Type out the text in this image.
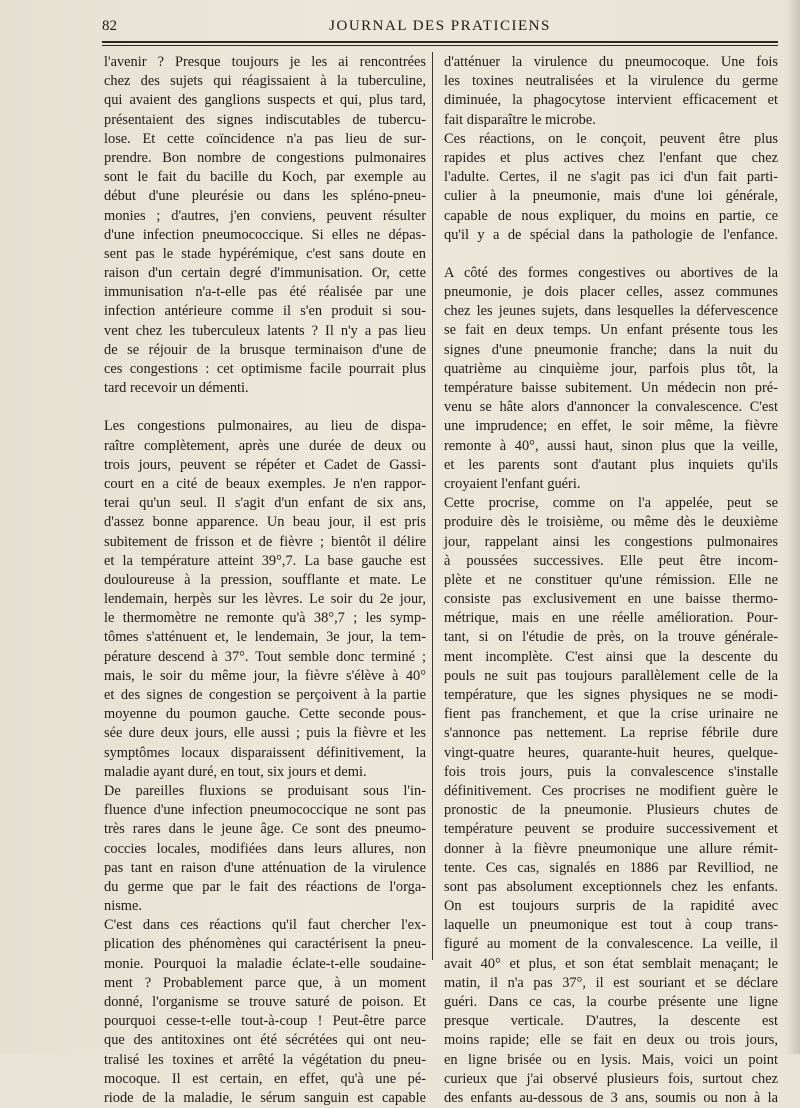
82	JOURNAL DES PRATICIENS
l'avenir ? Presque toujours je les ai rencontrées
chez des sujets qui réagissaient à la tuberculine,
qui avaient des ganglions suspects et qui, plus tard,
présentaient des signes indiscutables de tubercu-
lose. Et cette coïncidence n'a pas lieu de sur-
prendre. Bon nombre de congestions pulmonaires
sont le fait du bacille du Koch, par exemple au
début d'une pleurésie ou dans les spléno-pneu-
monies ; d'autres, j'en conviens, peuvent résulter
d'une infection pneumococcique. Si elles ne dépas-
sent pas le stade hypérémique, c'est sans doute en
raison d'un certain degré d'immunisation. Or, cette
immunisation n'a-t-elle pas été réalisée par une
infection antérieure comme il s'en produit si sou-
vent chez les tuberculeux latents ? Il n'y a pas lieu
de se réjouir de la brusque terminaison d'une de
ces congestions : cet optimisme facile pourrait plus
tard recevoir un démenti.
Les congestions pulmonaires, au lieu de dispa-
raître complètement, après une durée de deux ou
trois jours, peuvent se répéter et Cadet de Gassi-
court en a cité de beaux exemples. Je n'en rappor-
terai qu'un seul. Il s'agit d'un enfant de six ans,
d'assez bonne apparence. Un beau jour, il est pris
subitement de frisson et de fièvre ; bientôt il délire
et la température atteint 39°,7. La base gauche est
douloureuse à la pression, soufflante et mate. Le
lendemain, herpès sur les lèvres. Le soir du 2e jour,
le thermomètre ne remonte qu'à 38°,7 ; les symp-
tômes s'atténuent et, le lendemain, 3e jour, la tem-
pérature descend à 37°. Tout semble donc terminé ;
mais, le soir du même jour, la fièvre s'élève à 40°
et des signes de congestion se perçoivent à la partie
moyenne du poumon gauche. Cette seconde pous-
sée dure deux jours, elle aussi ; puis la fièvre et les
symptômes locaux disparaissent définitivement, la
maladie ayant duré, en tout, six jours et demi.
De pareilles fluxions se produisant sous l'in-
fluence d'une infection pneumococcique ne sont pas
très rares dans le jeune âge. Ce sont des pneumo-
coccies locales, modifiées dans leurs allures, non
pas tant en raison d'une atténuation de la virulence
du germe que par le fait des réactions de l'orga-
nisme.
C'est dans ces réactions qu'il faut chercher l'ex-
plication des phénomènes qui caractérisent la pneu-
monie. Pourquoi la maladie éclate-t-elle soudaine-
ment ? Probablement parce que, à un moment
donné, l'organisme se trouve saturé de poison. Et
pourquoi cesse-t-elle tout-à-coup ! Peut-être parce
que des antitoxines ont été sécrétées qui ont neu-
tralisé les toxines et arrêté la végétation du pneu-
mocoque. Il est certain, en effet, qu'à une pé-
riode de la maladie, le sérum sanguin est capable
d'atténuer la virulence du pneumocoque. Une fois
les toxines neutralisées et la virulence du germe
diminuée, la phagocytose intervient efficacement et
fait disparaître le microbe.
Ces réactions, on le conçoit, peuvent être plus
rapides et plus actives chez l'enfant que chez
l'adulte. Certes, il ne s'agit pas ici d'un fait parti-
culier à la pneumonie, mais d'une loi générale,
capable de nous expliquer, du moins en partie, ce
qu'il y a de spécial dans la pathologie de l'enfance.
A côté des formes congestives ou abortives de la
pneumonie, je dois placer celles, assez communes
chez les jeunes sujets, dans lesquelles la défervescence
se fait en deux temps. Un enfant présente tous les
signes d'une pneumonie franche; dans la nuit du
quatrième au cinquième jour, parfois plus tôt, la
température baisse subitement. Un médecin non pré-
venu se hâte alors d'annoncer la convalescence. C'est
une imprudence; en effet, le soir même, la fièvre
remonte à 40°, aussi haut, sinon plus que la veille,
et les parents sont d'autant plus inquiets qu'ils
croyaient l'enfant guéri.
Cette procrise, comme on l'a appelée, peut se
produire dès le troisième, ou même dès le deuxième
jour, rappelant ainsi les congestions pulmonaires
à poussées successives. Elle peut être incom-
plète et ne constituer qu'une rémission. Elle ne
consiste pas exclusivement en une baisse thermo-
métrique, mais en une réelle amélioration. Pour-
tant, si on l'étudie de près, on la trouve générale-
ment incomplète. C'est ainsi que la descente du
pouls ne suit pas toujours parallèlement celle de la
température, que les signes physiques ne se modi-
fient pas franchement, et que la crise urinaire ne
s'annonce pas nettement. La reprise fébrile dure
vingt-quatre heures, quarante-huit heures, quelque-
fois trois jours, puis la convalescence s'installe
définitivement. Ces procrises ne modifient guère le
pronostic de la pneumonie. Plusieurs chutes de
température peuvent se produire successivement et
donner à la fièvre pneumonique une allure rémit-
tente. Ces cas, signalés en 1886 par Revilliod, ne
sont pas absolument exceptionnels chez les enfants.
On est toujours surpris de la rapidité avec
laquelle un pneumonique est tout à coup trans-
figuré au moment de la convalescence. La veille, il
avait 40° et plus, et son état semblait menaçant; le
matin, il n'a pas 37°, il est souriant et se déclare
guéri. Dans ce cas, la courbe présente une ligne
presque verticale. D'autres, la descente est
moins rapide; elle se fait en deux ou trois jours,
en ligne brisée ou en lysis. Mais, voici un point
curieux que j'ai observé plusieurs fois, surtout chez
des enfants au-dessous de 3 ans, soumis ou non à la
